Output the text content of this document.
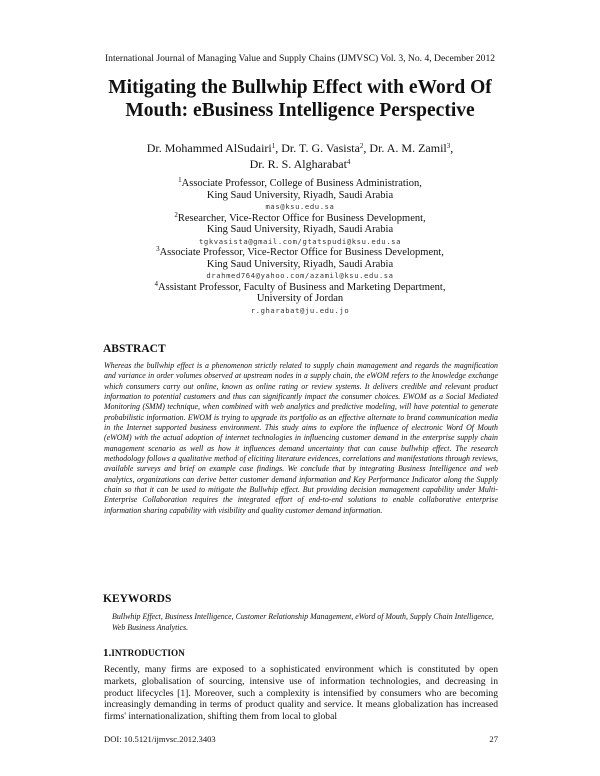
International Journal of Managing Value and Supply Chains (IJMVSC) Vol. 3, No. 4, December 2012
Mitigating the Bullwhip Effect with eWord Of
Mouth: eBusiness Intelligence Perspective
Dr. Mohammed AlSudairi$^1$, Dr. T. G. Vasista$^2$, Dr. A. M. Zamil$^3$,
Dr. R. S. Algharabat$^4$
$^1$Associate Professor, College of Business Administration,
King Saud University, Riyadh, Saudi Arabia
mas@ksu.edu.sa
$^2$Researcher, Vice-Rector Office for Business Development,
King Saud University, Riyadh, Saudi Arabia
tgkvasista@gmail.com/gtatspudi@ksu.edu.sa
$^3$Associate Professor, Vice-Rector Office for Business Development,
King Saud University, Riyadh, Saudi Arabia
drahmed764@yahoo.com/azamil@ksu.edu.sa
$^4$Assistant Professor, Faculty of Business and Marketing Department,
University of Jordan
r.gharabat@ju.edu.jo
ABSTRACT

Whereas the bullwhip effect is a phenomenon strictly related to supply chain management and regards the magnification and variance in order volumes observed at upstream nodes in a supply chain, the eWOM refers to the knowledge exchange which consumers carry out online, known as online rating or review systems. It delivers credible and relevant product information to potential customers and thus can significantly impact the consumer choices. EWOM as a Social Mediated Monitoring (SMM) technique, when combined with web analytics and predictive modeling, will have potential to generate probabilistic information. EWOM is trying to upgrade its portfolio as an effective alternate to brand communication media in the Internet supported business environment. This study aims to explore the influence of electronic Word Of Mouth (eWOM) with the actual adoption of internet technologies in influencing customer demand in the enterprise supply chain management scenario as well as how it influences demand uncertainty that can cause bullwhip effect. The research methodology follows a qualitative method of eliciting literature evidences, correlations and manifestations through reviews, available surveys and brief on example case findings. We conclude that by integrating Business Intelligence and web analytics, organizations can derive better customer demand information and Key Performance Indicator along the Supply chain so that it can be used to mitigate the Bullwhip effect. But providing decision management capability under Multi-Enterprise Collaboration requires the integrated effort of end-to-end solutions to enable collaborative enterprise information sharing capability with visibility and quality customer demand information.

KEYWORDS

Bullwhip Effect, Business Intelligence, Customer Relationship Management, eWord of Mouth, Supply Chain Intelligence, Web Business Analytics.

1.INTRODUCTION

Recently, many firms are exposed to a sophisticated environment which is constituted by open markets, globalisation of sourcing, intensive use of information technologies, and decreasing in product lifecycles [1]. Moreover, such a complexity is intensified by consumers who are becoming increasingly demanding in terms of product quality and service. It means globalization has increased firms' internationalization, shifting them from local to global

DOI: 10.5121/ijmvsc.2012.3403	27
